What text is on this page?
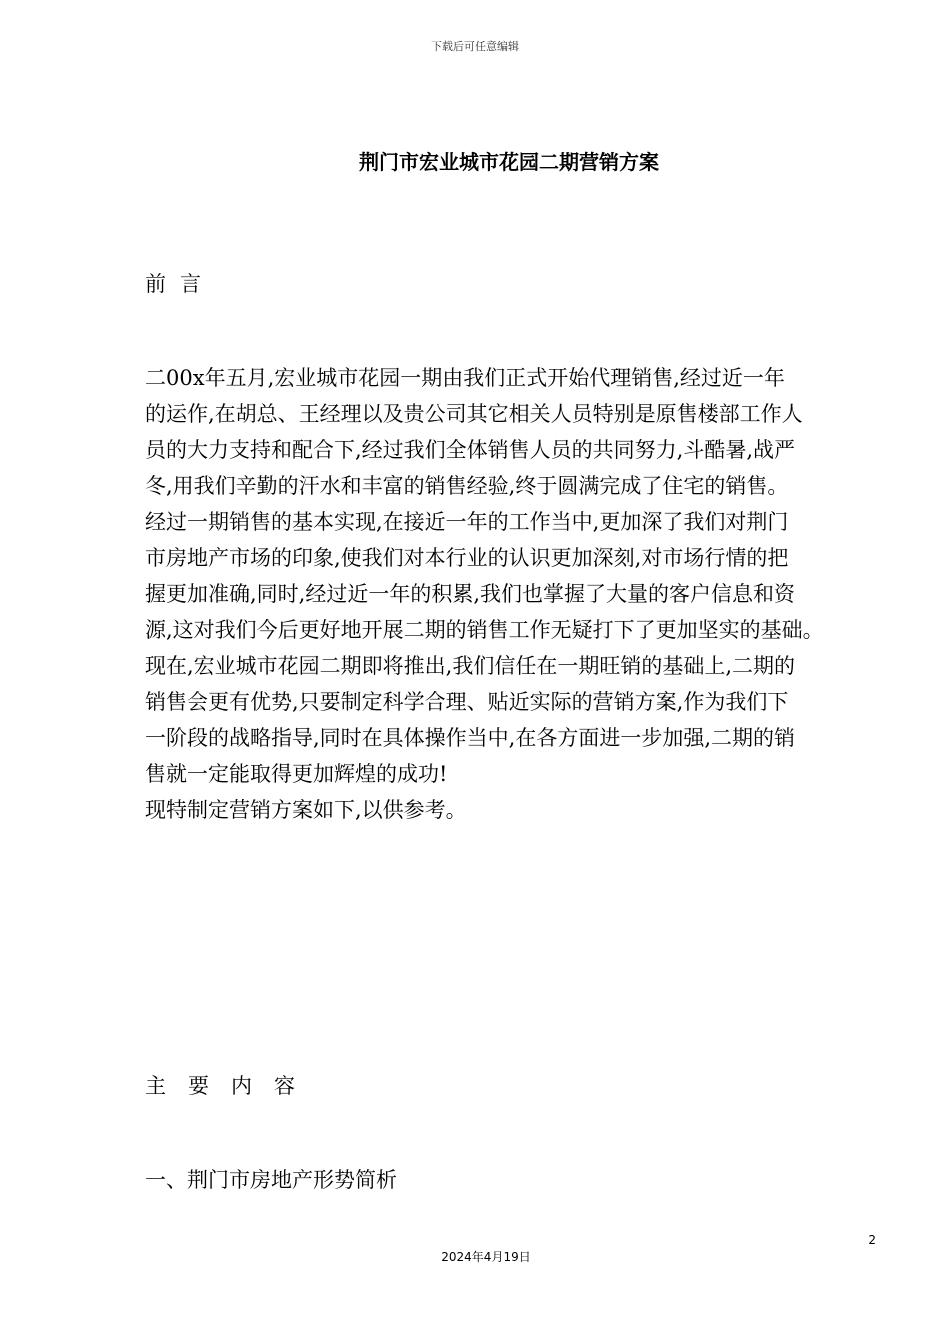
下载后可任意编辑
荆门市宏业城市花园二期营销方案
前言
二00x年五月,宏业城市花园一期由我们正式开始代理销售,经过近一年
的运作,在胡总、王经理以及贵公司其它相关人员特别是原售楼部工作人
员的大力支持和配合下,经过我们全体销售人员的共同努力,斗酷暑,战严
冬,用我们辛勤的汗水和丰富的销售经验,终于圆满完成了住宅的销售。
经过一期销售的基本实现,在接近一年的工作当中,更加深了我们对荆门
市房地产市场的印象,使我们对本行业的认识更加深刻,对市场行情的把
握更加准确,同时,经过近一年的积累,我们也掌握了大量的客户信息和资
源,这对我们今后更好地开展二期的销售工作无疑打下了更加坚实的基础。
现在,宏业城市花园二期即将推出,我们信任在一期旺销的基础上,二期的
销售会更有优势,只要制定科学合理、贴近实际的营销方案,作为我们下
一阶段的战略指导,同时在具体操作当中,在各方面进一步加强,二期的销
售就一定能取得更加辉煌的成功!
现特制定营销方案如下,以供参考。
主要内容
一、荆门市房地产形势简析
2
2024年4月19日
